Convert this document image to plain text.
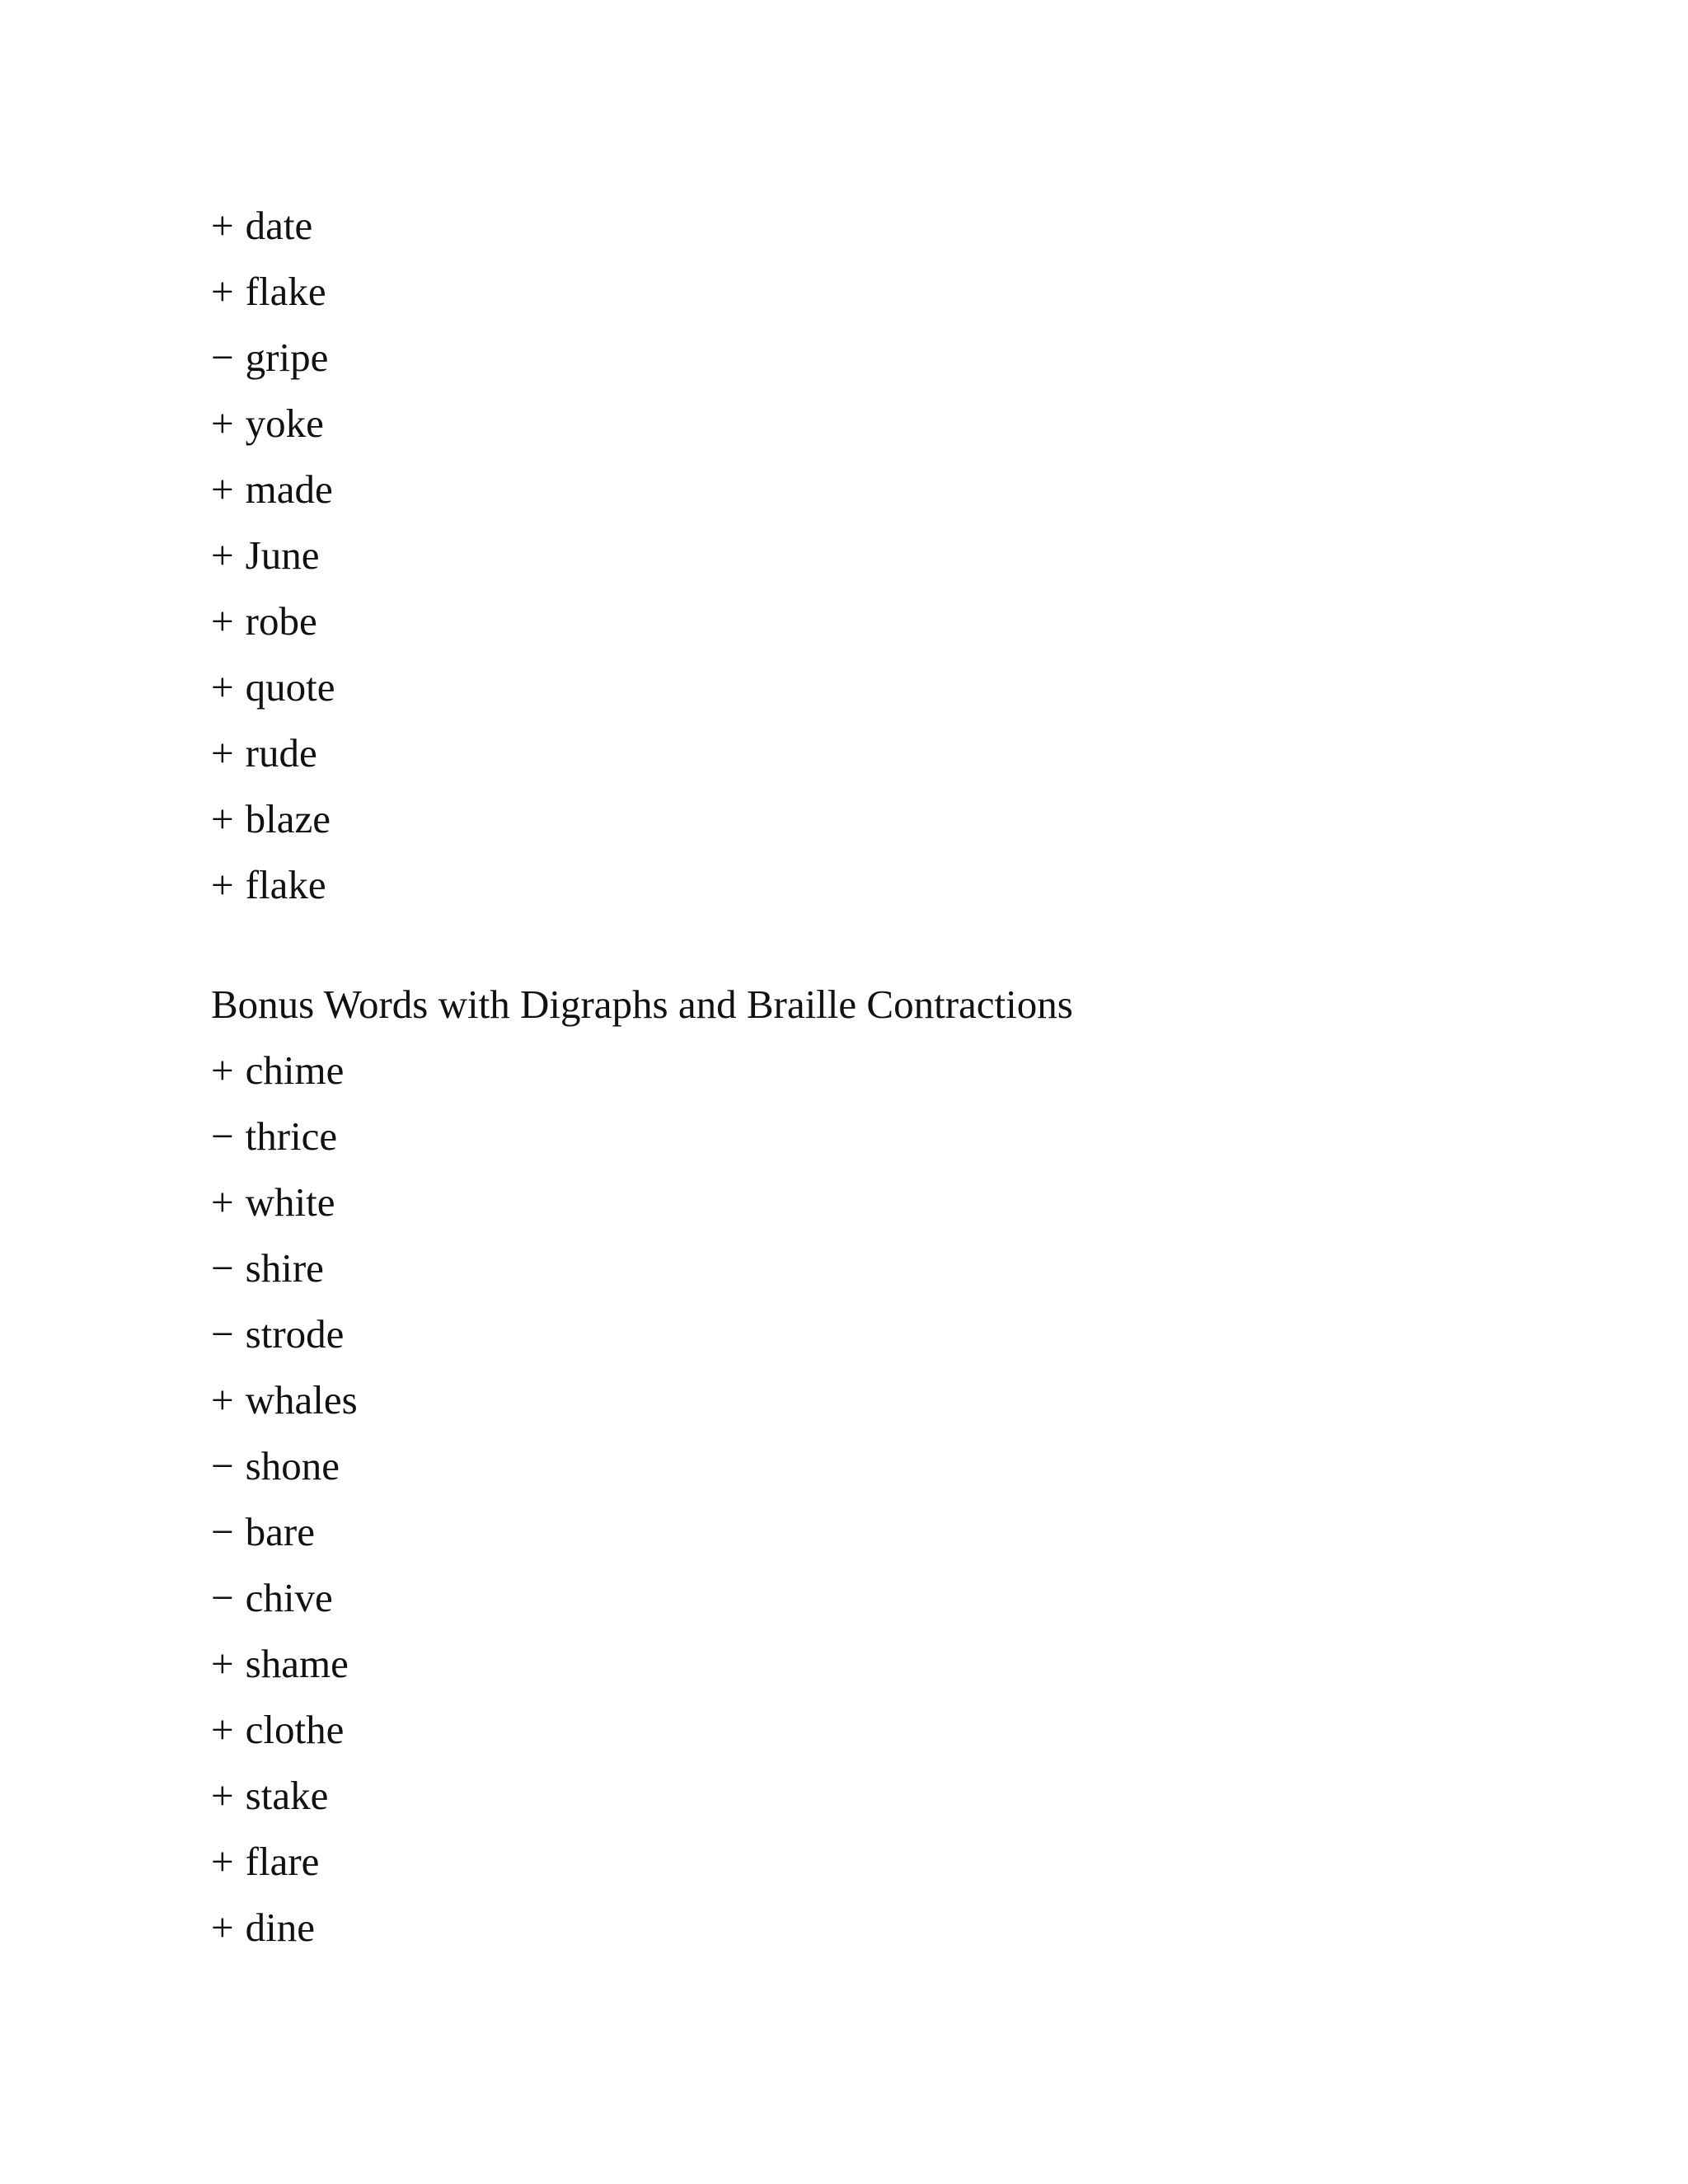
+ date
+ flake
− gripe
+ yoke
+ made
+ June
+ robe
+ quote
+ rude
+ blaze
+ flake
Bonus Words with Digraphs and Braille Contractions
+ chime
− thrice
+ white
− shire
− strode
+ whales
− shone
− bare
− chive
+ shame
+ clothe
+ stake
+ flare
+ dine
